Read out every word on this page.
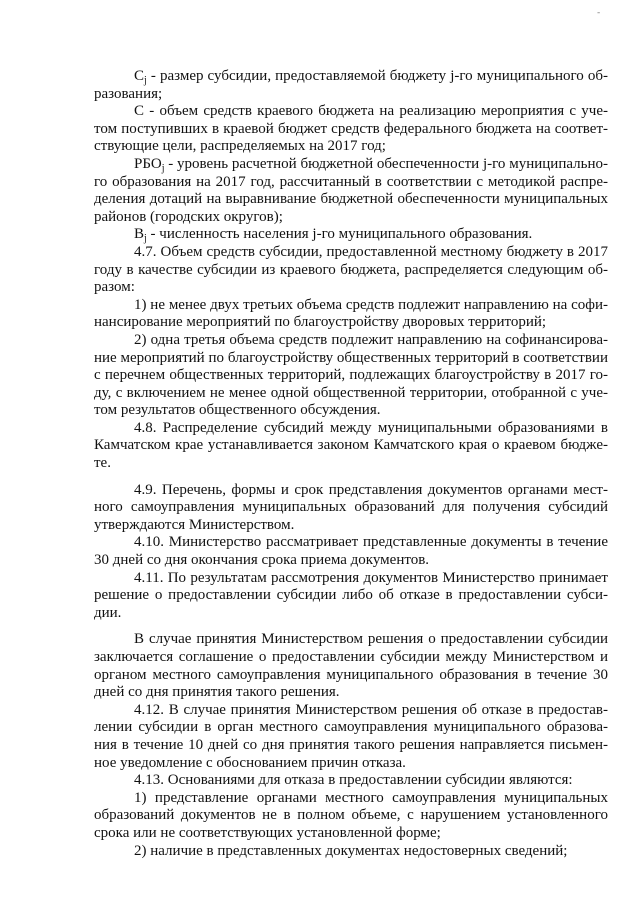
-

$C_j$ - размер субсидии, предоставляемой бюджету j-го муниципального образования;

С - объем средств краевого бюджета на реализацию мероприятия с учетом поступивших в краевой бюджет средств федерального бюджета на соответствующие цели, распределяемых на 2017 год;

$РБО_j$ - уровень расчетной бюджетной обеспеченности j-го муниципального образования на 2017 год, рассчитанный в соответствии с методикой распределения дотаций на выравнивание бюджетной обеспеченности муниципальных районов (городских округов);

$B_j$ - численность населения j-го муниципального образования.

4.7. Объем средств субсидии, предоставленной местному бюджету в 2017 году в качестве субсидии из краевого бюджета, распределяется следующим образом:

1) не менее двух третьих объема средств подлежит направлению на софинансирование мероприятий по благоустройству дворовых территорий;

2) одна третья объема средств подлежит направлению на софинансирование мероприятий по благоустройству общественных территорий в соответствии с перечнем общественных территорий, подлежащих благоустройству в 2017 году, с включением не менее одной общественной территории, отобранной с учетом результатов общественного обсуждения.

4.8. Распределение субсидий между муниципальными образованиями в Камчатском крае устанавливается законом Камчатского края о краевом бюджете.

4.9. Перечень, формы и срок представления документов органами местного самоуправления муниципальных образований для получения субсидий утверждаются Министерством.

4.10. Министерство рассматривает представленные документы в течение 30 дней со дня окончания срока приема документов.

4.11. По результатам рассмотрения документов Министерство принимает решение о предоставлении субсидии либо об отказе в предоставлении субсидии.

В случае принятия Министерством решения о предоставлении субсидии заключается соглашение о предоставлении субсидии между Министерством и органом местного самоуправления муниципального образования в течение 30 дней со дня принятия такого решения.

4.12. В случае принятия Министерством решения об отказе в предоставлении субсидии в орган местного самоуправления муниципального образования в течение 10 дней со дня принятия такого решения направляется письменное уведомление с обоснованием причин отказа.

4.13. Основаниями для отказа в предоставлении субсидии являются:

1) представление органами местного самоуправления муниципальных образований документов не в полном объеме, с нарушением установленного срока или не соответствующих установленной форме;

2) наличие в представленных документах недостоверных сведений;
